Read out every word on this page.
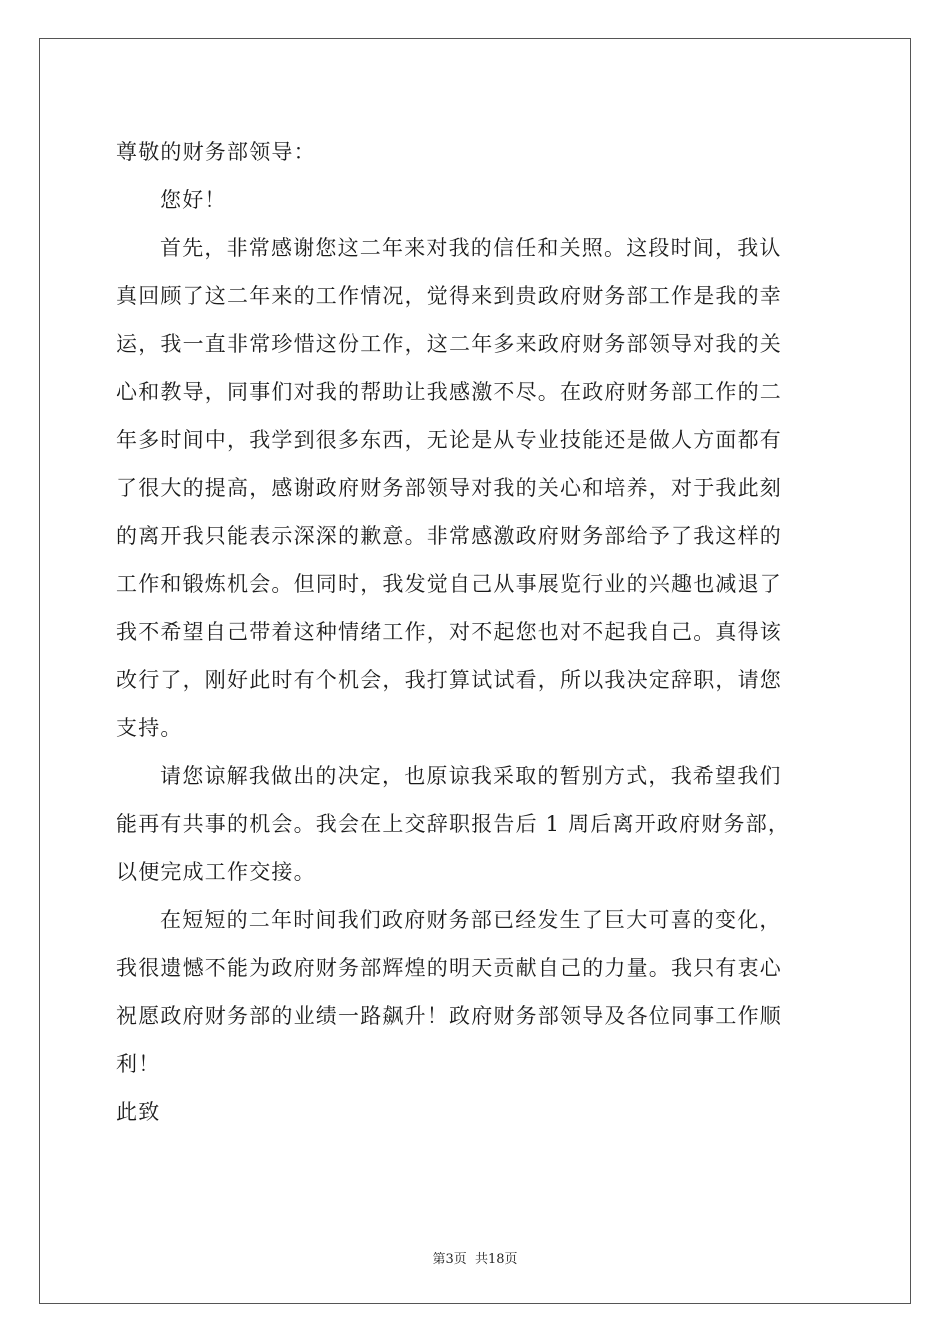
尊敬的财务部领导：
您好！
首先，非常感谢您这二年来对我的信任和关照。这段时间，我认
真回顾了这二年来的工作情况，觉得来到贵政府财务部工作是我的幸
运，我一直非常珍惜这份工作，这二年多来政府财务部领导对我的关
心和教导，同事们对我的帮助让我感激不尽。在政府财务部工作的二
年多时间中，我学到很多东西，无论是从专业技能还是做人方面都有
了很大的提高，感谢政府财务部领导对我的关心和培养，对于我此刻
的离开我只能表示深深的歉意。非常感激政府财务部给予了我这样的
工作和锻炼机会。但同时，我发觉自己从事展览行业的兴趣也减退了
我不希望自己带着这种情绪工作，对不起您也对不起我自己。真得该
改行了，刚好此时有个机会，我打算试试看，所以我决定辞职，请您
支持。
请您谅解我做出的决定，也原谅我采取的暂别方式，我希望我们
能再有共事的机会。我会在上交辞职报告后 1 周后离开政府财务部，
以便完成工作交接。
在短短的二年时间我们政府财务部已经发生了巨大可喜的变化，
我很遗憾不能为政府财务部辉煌的明天贡献自己的力量。我只有衷心
祝愿政府财务部的业绩一路飙升！政府财务部领导及各位同事工作顺
利！
此致
第3页 共18页
